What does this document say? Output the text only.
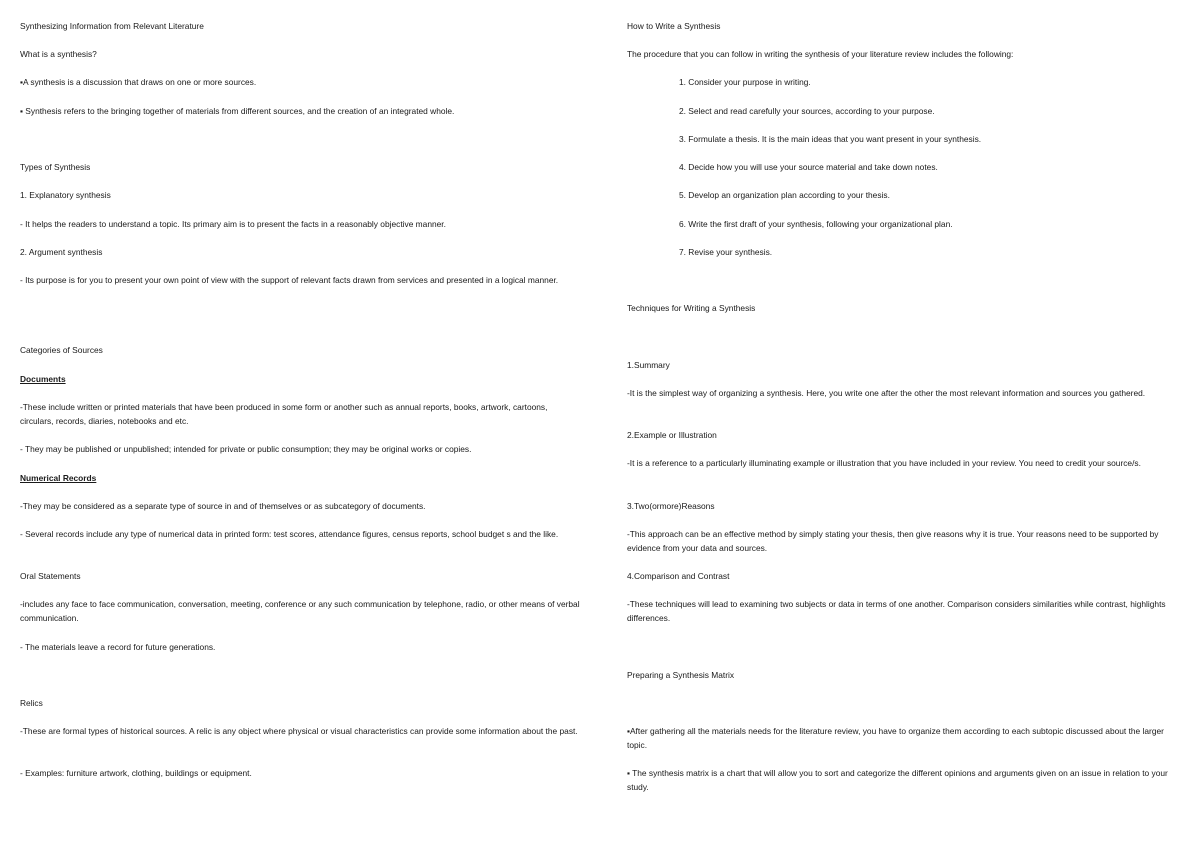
Synthesizing Information from Relevant Literature

What is a synthesis?

▪A synthesis is a discussion that draws on one or more sources.

▪ Synthesis refers to the bringing together of materials from different sources, and the creation of an integrated whole.

Types of Synthesis

1. Explanatory synthesis

- It helps the readers to understand a topic. Its primary aim is to present the facts in a reasonably objective manner.

2. Argument synthesis

- Its purpose is for you to present your own point of view with the support of relevant facts drawn from services and presented in a logical manner.

Categories of Sources

Documents

-These include written or printed materials that have been produced in some form or another such as annual reports, books, artwork, cartoons, circulars, records, diaries, notebooks and etc.

- They may be published or unpublished; intended for private or public consumption; they may be original works or copies.

Numerical Records

-They may be considered as a separate type of source in and of themselves or as subcategory of documents.

- Several records include any type of numerical data in printed form: test scores, attendance figures, census reports, school budget s and the like.

Oral Statements

-includes any face to face communication, conversation, meeting, conference or any such communication by telephone, radio, or other means of verbal communication.

- The materials leave a record for future generations.

Relics

-These are formal types of historical sources. A relic is any object where physical or visual characteristics can provide some information about the past.

- Examples: furniture artwork, clothing, buildings or equipment.

How to Write a Synthesis

The procedure that you can follow in writing the synthesis of your literature review includes the following:

1. Consider your purpose in writing.

2. Select and read carefully your sources, according to your purpose.

3. Formulate a thesis. It is the main ideas that you want present in your synthesis.

4. Decide how you will use your source material and take down notes.

5. Develop an organization plan according to your thesis.

6. Write the first draft of your synthesis, following your organizational plan.

7. Revise your synthesis.

Techniques for Writing a Synthesis

1.Summary

-It is the simplest way of organizing a synthesis. Here, you write one after the other the most relevant information and sources you gathered.

2.Example or Illustration

-It is a reference to a particularly illuminating example or illustration that you have included in your review. You need to credit your source/s.

3.Two(ormore)Reasons

-This approach can be an effective method by simply stating your thesis, then give reasons why it is true. Your reasons need to be supported by evidence from your data and sources.

4.Comparison and Contrast

-These techniques will lead to examining two subjects or data in terms of one another. Comparison considers similarities while contrast, highlights differences.

Preparing a Synthesis Matrix

▪After gathering all the materials needs for the literature review, you have to organize them according to each subtopic discussed about the larger topic.

▪ The synthesis matrix is a chart that will allow you to sort and categorize the different opinions and arguments given on an issue in relation to your study.
